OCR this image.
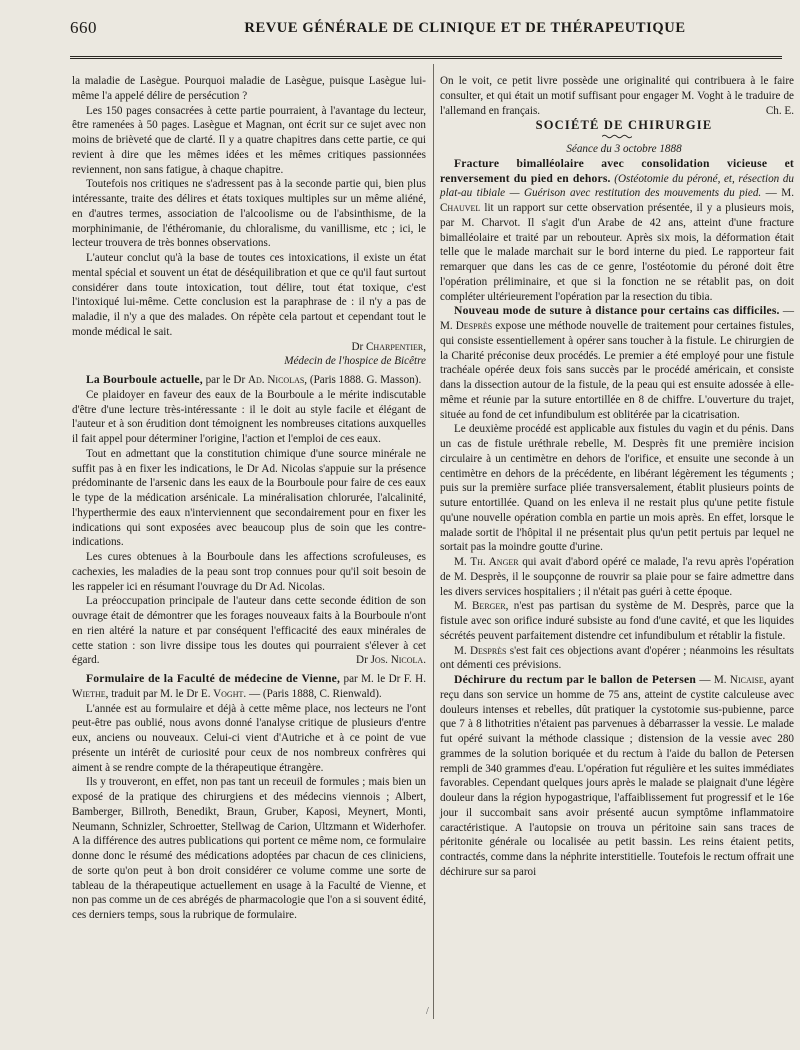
660	REVUE GÉNÉRALE DE CLINIQUE ET DE THÉRAPEUTIQUE

la maladie de Lasègue. Pourquoi maladie de Lasègue, puisque Lasègue lui-même l'a appelé délire de persécution ?

Les 150 pages consacrées à cette partie pourraient, à l'avantage du lecteur, être ramenées à 50 pages. Lasègue et Magnan, ont écrit sur ce sujet avec non moins de brièveté que de clarté. Il y a quatre chapitres dans cette partie, ce qui revient à dire que les mêmes idées et les mêmes critiques passionnées reviennent, non sans fatigue, à chaque chapitre.

Toutefois nos critiques ne s'adressent pas à la seconde partie qui, bien plus intéressante, traite des délires et états toxiques multiples sur un même aliéné, en d'autres termes, association de l'alcoolisme ou de l'absinthisme, de la morphinimanie, de l'éthéromanie, du chloralisme, du vanillisme, etc ; ici, le lecteur trouvera de très bonnes observations.

L'auteur conclut qu'à la base de toutes ces intoxications, il existe un état mental spécial et souvent un état de déséquilibration et que ce qu'il faut surtout considérer dans toute intoxication, tout délire, tout état toxique, c'est l'intoxiqué lui-même. Cette conclusion est la paraphrase de : il n'y a pas de maladie, il n'y a que des malades. On répète cela partout et cependant tout le monde médical le sait.

Dr Charpentier,

Médecin de l'hospice de Bicêtre

La Bourboule actuelle, par le Dr Ad. Nicolas, (Paris 1888. G. Masson).

Ce plaidoyer en faveur des eaux de la Bourboule a le mérite indiscutable d'être d'une lecture très-intéressante : il le doit au style facile et élégant de l'auteur et à son érudition dont témoignent les nombreuses citations auxquelles il fait appel pour déterminer l'origine, l'action et l'emploi de ces eaux.

Tout en admettant que la constitution chimique d'une source minérale ne suffit pas à en fixer les indications, le Dr Ad. Nicolas s'appuie sur la présence prédominante de l'arsenic dans les eaux de la Bourboule pour faire de ces eaux le type de la médication arsénicale. La minéralisation chlorurée, l'alcalinité, l'hyperthermie des eaux n'interviennent que secondairement pour en fixer les indications qui sont exposées avec beaucoup plus de soin que les contre-indications.

Les cures obtenues à la Bourboule dans les affections scrofuleuses, es cachexies, les maladies de la peau sont trop connues pour qu'il soit besoin de les rappeler ici en résumant l'ouvrage du Dr Ad. Nicolas.

La préoccupation principale de l'auteur dans cette seconde édition de son ouvrage était de démontrer que les forages nouveaux faits à la Bourboule n'ont en rien altéré la nature et par conséquent l'efficacité des eaux minérales de cette station : son livre dissipe tous les doutes qui pourraient s'élever à cet égard.	Dr Jos. Nicola.

Formulaire de la Faculté de médecine de Vienne, par M. le Dr F. H. Wiethe, traduit par M. le Dr E. Voght. — (Paris 1888, C. Rienwald).

L'année est au formulaire et déjà à cette même place, nos lecteurs ne l'ont peut-être pas oublié, nous avons donné l'analyse critique de plusieurs d'entre eux, anciens ou nouveaux. Celui-ci vient d'Autriche et à ce point de vue présente un intérêt de curiosité pour ceux de nos nombreux confrères qui aiment à se rendre compte de la thérapeutique étrangère.

Ils y trouveront, en effet, non pas tant un receuil de formules ; mais bien un exposé de la pratique des chirurgiens et des médecins viennois ; Albert, Bamberger, Billroth, Benedikt, Braun, Gruber, Kaposi, Meynert, Monti, Neumann, Schnizler, Schroetter, Stellwag de Carion, Ultzmann et Widerhofer. A la différence des autres publications qui portent ce même nom, ce formulaire donne donc le résumé des médications adoptées par chacun de ces cliniciens, de sorte qu'on peut à bon droit considérer ce volume comme une sorte de tableau de la thérapeutique actuellement en usage à la Faculté de Vienne, et non pas comme un de ces abrégés de pharmacologie que l'on a si souvent édité, ces derniers temps, sous la rubrique de formulaire.

On le voit, ce petit livre possède une originalité qui contribuera à le faire consulter, et qui était un motif suffisant pour engager M. Voght à le traduire de l'allemand en français.	Ch. E.

SOCIÉTÉ DE CHIRURGIE

Séance du 3 octobre 1888

Fracture bimalléolaire avec consolidation vicieuse et renversement du pied en dehors. (Ostéotomie du péroné, et, résection du plat-au tibiale — Guérison avec restitution des mouvements du pied. — M. Chauvel lit un rapport sur cette observation présentée, il y a plusieurs mois, par M. Charvot. Il s'agit d'un Arabe de 42 ans, atteint d'une fracture bimalléolaire et traité par un rebouteur. Après six mois, la déformation était telle que le malade marchait sur le bord interne du pied. Le rapporteur fait remarquer que dans les cas de ce genre, l'ostéotomie du péroné doit être l'opération préliminaire, et que si la fonction ne se rétablit pas, on doit compléter ultérieurement l'opération par la resection du tibia.

Nouveau mode de suture à distance pour certains cas difficiles. — M. Desprès expose une méthode nouvelle de traitement pour certaines fistules, qui consiste essentiellement à opérer sans toucher à la fistule. Le chirurgien de la Charité préconise deux procédés. Le premier a été employé pour une fistule trachéale opérée deux fois sans succès par le procédé américain, et consiste dans la dissection autour de la fistule, de la peau qui est ensuite adossée à elle-même et réunie par la suture entortillée en 8 de chiffre. L'ouverture du trajet, située au fond de cet infundibulum est oblitérée par la cicatrisation.

Le deuxième procédé est applicable aux fistules du vagin et du pénis. Dans un cas de fistule uréthrale rebelle, M. Desprès fit une première incision circulaire à un centimètre en dehors de l'orifice, et ensuite une seconde à un centimètre en dehors de la précédente, en libérant légèrement les téguments ; puis sur la première surface pliée transversalement, établit plusieurs points de suture entortillée. Quand on les enleva il ne restait plus qu'une petite fistule qu'une nouvelle opération combla en partie un mois après. En effet, lorsque le malade sortit de l'hôpital il ne présentait plus qu'un petit pertuis par lequel ne sortait pas la moindre goutte d'urine.

M. Th. Anger qui avait d'abord opéré ce malade, l'a revu après l'opération de M. Desprès, il le soupçonne de rouvrir sa plaie pour se faire admettre dans les divers services hospitaliers ; il n'était pas guéri à cette époque.

M. Berger, n'est pas partisan du système de M. Desprès, parce que la fistule avec son orifice induré subsiste au fond d'une cavité, et que les liquides sécrétés peuvent parfaitement distendre cet infundibulum et rétablir la fistule.

M. Desprès s'est fait ces objections avant d'opérer ; néanmoins les résultats ont démenti ces prévisions.

Déchirure du rectum par le ballon de Petersen — M. Nicaise, ayant reçu dans son service un homme de 75 ans, atteint de cystite calculeuse avec douleurs intenses et rebelles, dût pratiquer la cystotomie sus-pubienne, parce que 7 à 8 lithotrities n'étaient pas parvenues à débarrasser la vessie. Le malade fut opéré suivant la méthode classique ; distension de la vessie avec 280 grammes de la solution boriquée et du rectum à l'aide du ballon de Petersen rempli de 340 grammes d'eau. L'opération fut régulière et les suites immédiates favorables. Cependant quelques jours après le malade se plaignait d'une légère douleur dans la région hypogastrique, l'affaiblissement fut progressif et le 16e jour il succombait sans avoir présenté aucun symptôme inflammatoire caractéristique. A l'autopsie on trouva un péritoine sain sans traces de péritonite générale ou localisée au petit bassin. Les reins étaient petits, contractés, comme dans la néphrite interstitielle. Toutefois le rectum offrait une déchirure sur sa paroi

/
